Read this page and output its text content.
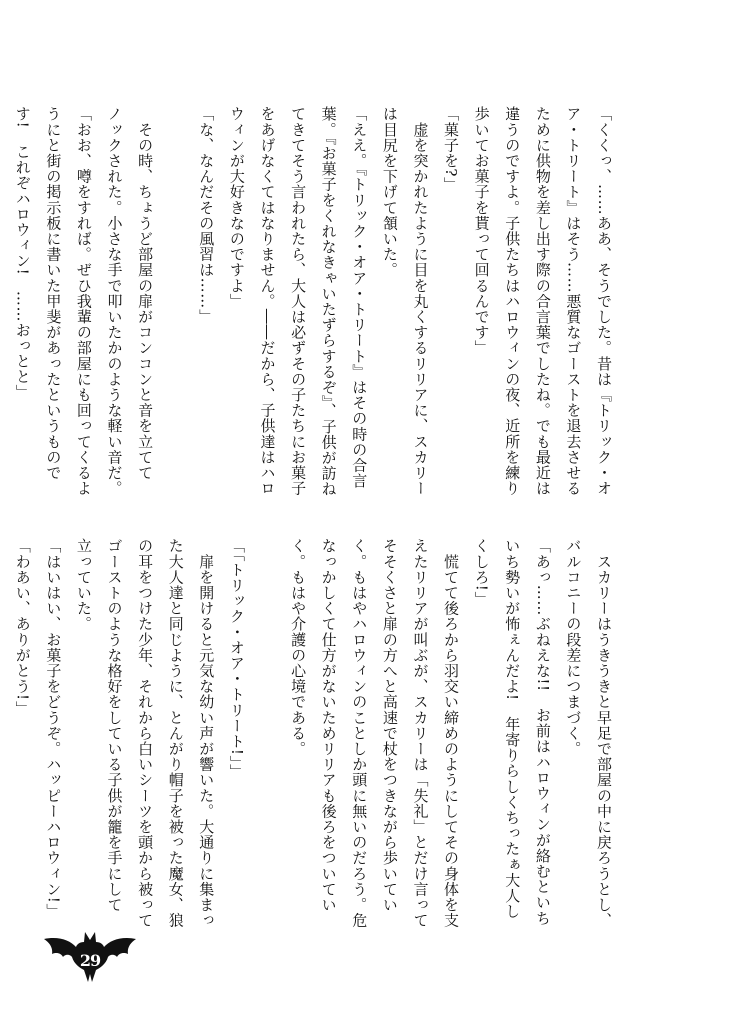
「くくっ、……ああ、そうでした。昔は『トリック・オ

ア・トリート』はそう……悪質なゴーストを退去させる

ために供物を差し出す際の合言葉でしたね。でも最近は

違うのですよ。子供たちはハロウィンの夜、近所を練り

歩いてお菓子を貰って回るんです」

「菓子を?」

　虚を突かれたように目を丸くするリリアに、スカリー

は目尻を下げて頷いた。

「ええ。『トリック・オア・トリート』はその時の合言

葉。『お菓子をくれなきゃいたずらするぞ』、子供が訪ね

てきてそう言われたら、大人は必ずその子たちにお菓子

をあげなくてはなりません。――だから、子供達はハロ

ウィンが大好きなのですよ」

「な、なんだその風習は……」

　その時、ちょうど部屋の扉がコンコンと音を立てて

ノックされた。小さな手で叩いたかのような軽い音だ。

「おお、噂をすれば。ぜひ我輩の部屋にも回ってくるよ

うにと街の掲示板に書いた甲斐があったというもので

す!　これぞハロウィン!　……おっとと」

　スカリーはうきうきと早足で部屋の中に戻ろうとし、

バルコニーの段差につまづく。

「あっ……ぶねえな!!　お前はハロウィンが絡むといち

いち勢いが怖ぇんだよ!　年寄りらしくちったぁ大人し

くしろ!」

　慌てて後ろから羽交い締めのようにしてその身体を支

えたリリアが叫ぶが、スカリーは「失礼」とだけ言って

そそくさと扉の方へと高速で杖をつきながら歩いてい

く。もはやハロウィンのことしか頭に無いのだろう。危

なっかしくて仕方がないためリリアも後ろをついてい

く。もはや介護の心境である。

「「トリック・オア・トリート!」」

　扉を開けると元気な幼い声が響いた。大通りに集まっ

た大人達と同じように、とんがり帽子を被った魔女、狼

の耳をつけた少年、それから白いシーツを頭から被って

ゴーストのような格好をしている子供が籠を手にして

立っていた。

「はいはい、お菓子をどうぞ。ハッピーハロウィン!」

「わあい、ありがとう!」

29
